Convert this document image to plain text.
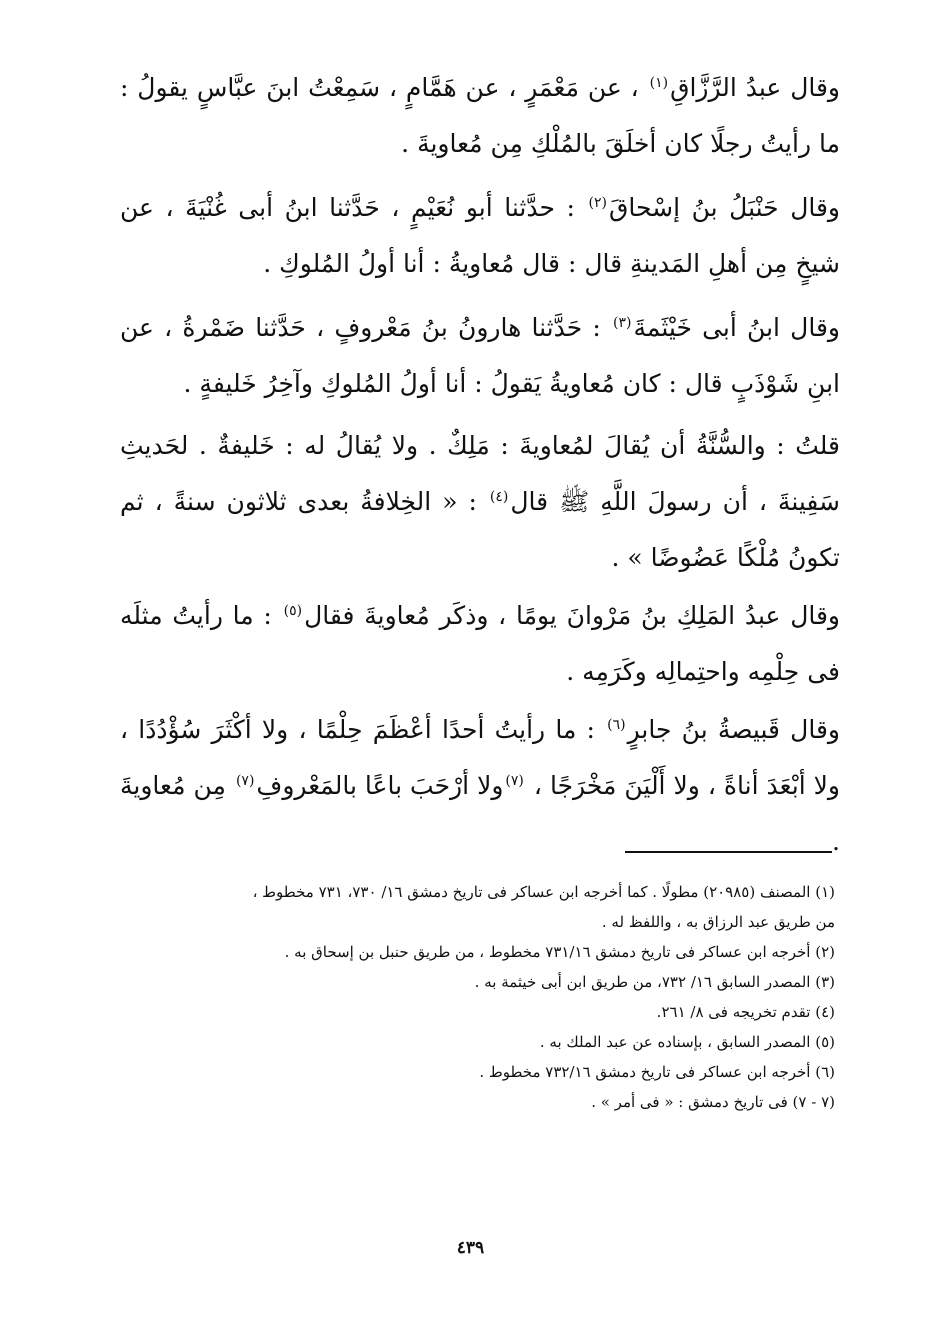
وقال عبدُ الرَّزَّاقِ$^{(١)}$ ، عن مَعْمَرٍ ، عن هَمَّامٍ ، سَمِعْتُ ابنَ عبَّاسٍ يقولُ : ما رأيتُ رجلًا كان أخلَقَ بالمُلْكِ مِن مُعاويةَ .

وقال حَنْبَلُ بنُ إسْحاقَ$^{(٢)}$ : حدَّثنا أبو نُعَيْمٍ ، حَدَّثنا ابنُ أبى غُنْيَةَ ، عن شيخٍ مِن أهلِ المَدينةِ قال : قال مُعاويةُ : أنا أولُ المُلوكِ .

وقال ابنُ أبى خَيْثَمةَ$^{(٣)}$ : حَدَّثنا هارونُ بنُ مَعْروفٍ ، حَدَّثنا ضَمْرةُ ، عن ابنِ شَوْذَبٍ قال : كان مُعاويةُ يَقولُ : أنا أولُ المُلوكِ وآخِرُ خَليفةٍ .

قلتُ : والسُّنَّةُ أن يُقالَ لمُعاويةَ : مَلِكٌ . ولا يُقالُ له : خَليفةٌ . لحَديثِ سَفِينةَ ، أن رسولَ اللَّهِ ﷺ قال$^{(٤)}$ : « الخِلافةُ بعدى ثلاثون سنةً ، ثم تكونُ مُلْكًا عَضُوضًا » .

وقال عبدُ المَلِكِ بنُ مَرْوانَ يومًا ، وذكَر مُعاويةَ فقال$^{(٥)}$ : ما رأيتُ مثلَه فى حِلْمِه واحتِمالِه وكَرَمِه .

وقال قَبيصةُ بنُ جابرٍ$^{(٦)}$ : ما رأيتُ أحدًا أعْظَمَ حِلْمًا ، ولا أكْثَرَ سُؤْدُدًا ، ولا أبْعَدَ أناةً ، ولا أَلْيَنَ مَخْرَجًا ، $^{(٧)}$ولا أرْحَبَ باعًا بالمَعْروفِ$^{(٧)}$ مِن مُعاويةَ .

(١) المصنف (٢٠٩٨٥) مطولًا . كما أخرجه ابن عساكر فى تاريخ دمشق ١٦/ ٧٣٠، ٧٣١ مخطوط ،
من طريق عبد الرزاق به ، واللفظ له .

(٢) أخرجه ابن عساكر فى تاريخ دمشق ٧٣١/١٦ مخطوط ، من طريق حنبل بن إسحاق به .

(٣) المصدر السابق ١٦/ ٧٣٢، من طريق ابن أبى خيثمة به .

(٤) تقدم تخريجه فى ٨/ ٢٦١.

(٥) المصدر السابق ، بإسناده عن عبد الملك به .

(٦) أخرجه ابن عساكر فى تاريخ دمشق ٧٣٢/١٦ مخطوط .

(٧ - ٧) فى تاريخ دمشق : « فى أمر » .

٤٣٩
